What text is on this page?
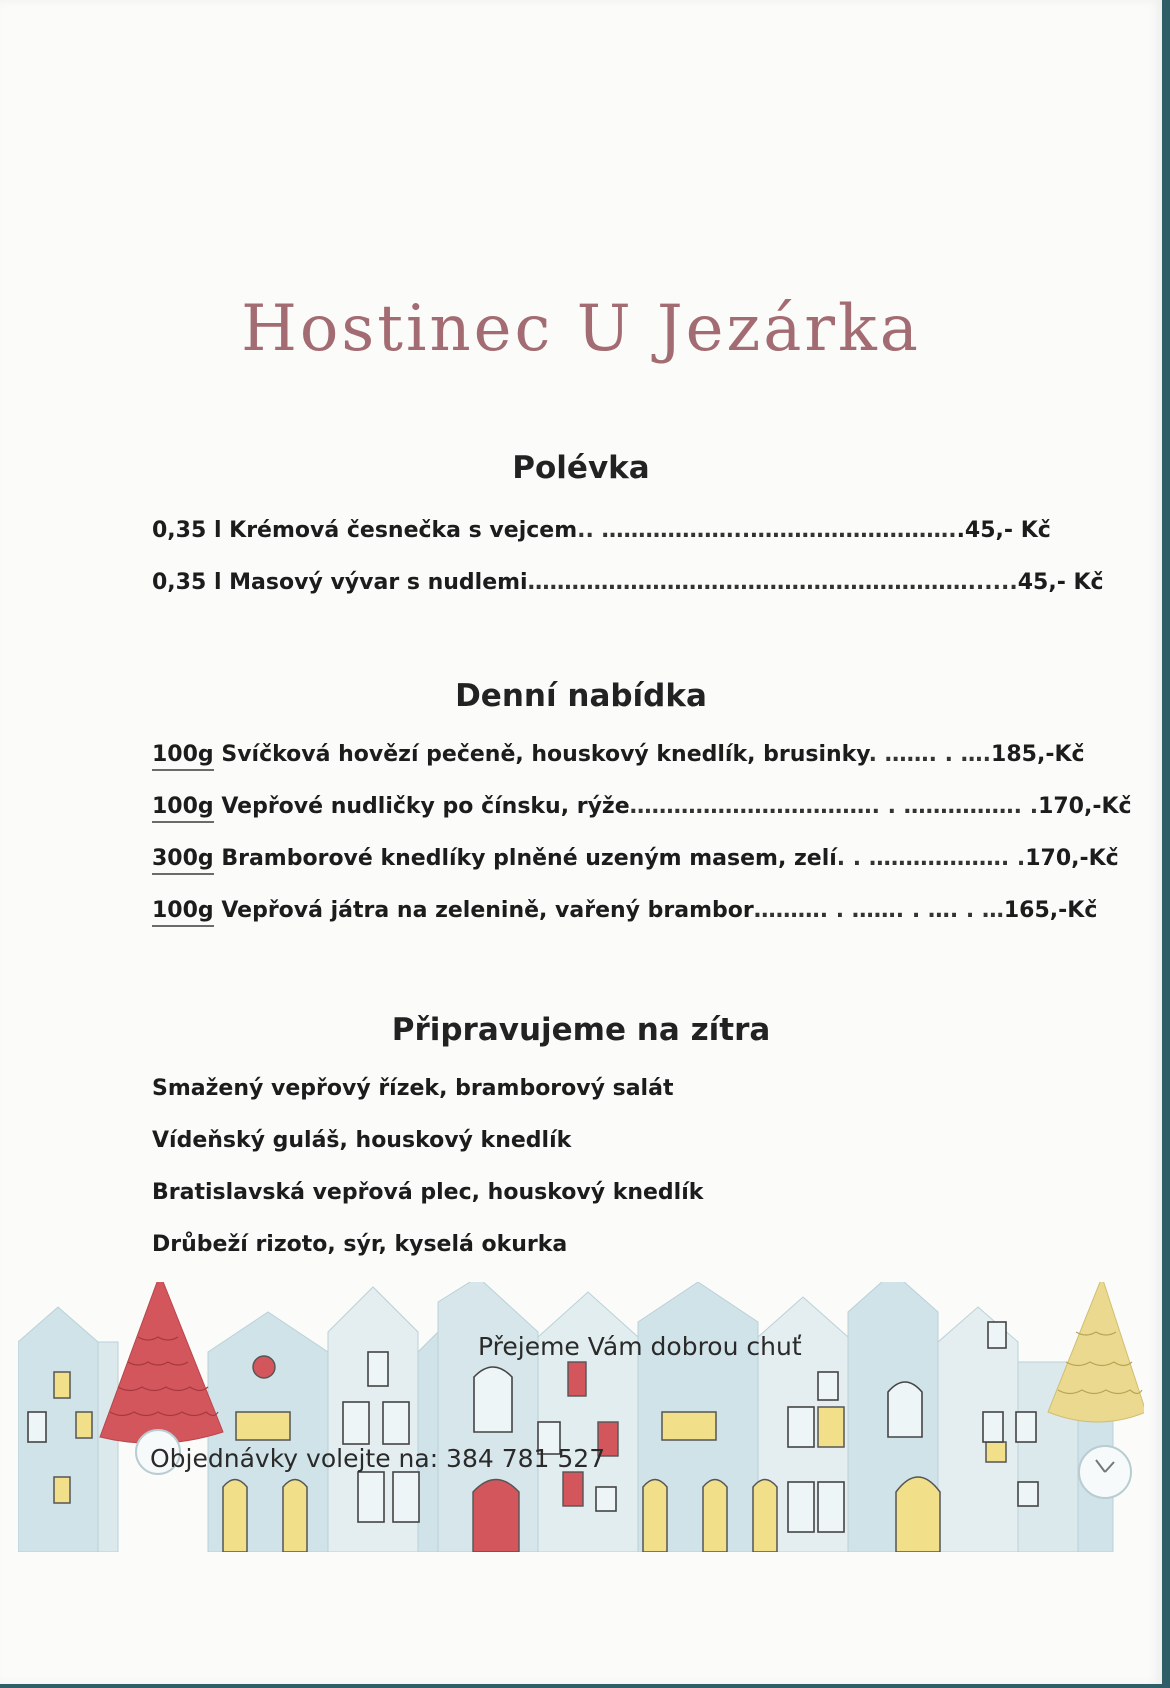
Hostinec U Jezárka
Polévka
0,35 l Krémová česnečka s vejcem.. ………………..………………………..45,- Kč
0,35 l Masový vývar s nudlemi……………………………………………………......45,- Kč
Denní nabídka
100g Svíčková hovězí pečeně, houskový knedlík, brusinky. ……. . ….185,-Kč
100g Vepřové nudličky po čínsku, rýže……………………………. . ……………. .170,-Kč
300g Bramborové knedlíky plněné uzeným masem, zelí. . ………………. .170,-Kč
100g Vepřová játra na zelenině, vařený brambor………. . ……. . …. . …165,-Kč
Připravujeme na zítra
Smažený vepřový řízek, bramborový salát
Vídeňský guláš, houskový knedlík
Bratislavská vepřová plec, houskový knedlík
Drůbeží rizoto, sýr, kyselá okurka
Přejeme Vám dobrou chuť
Objednávky volejte na: 384 781 527
